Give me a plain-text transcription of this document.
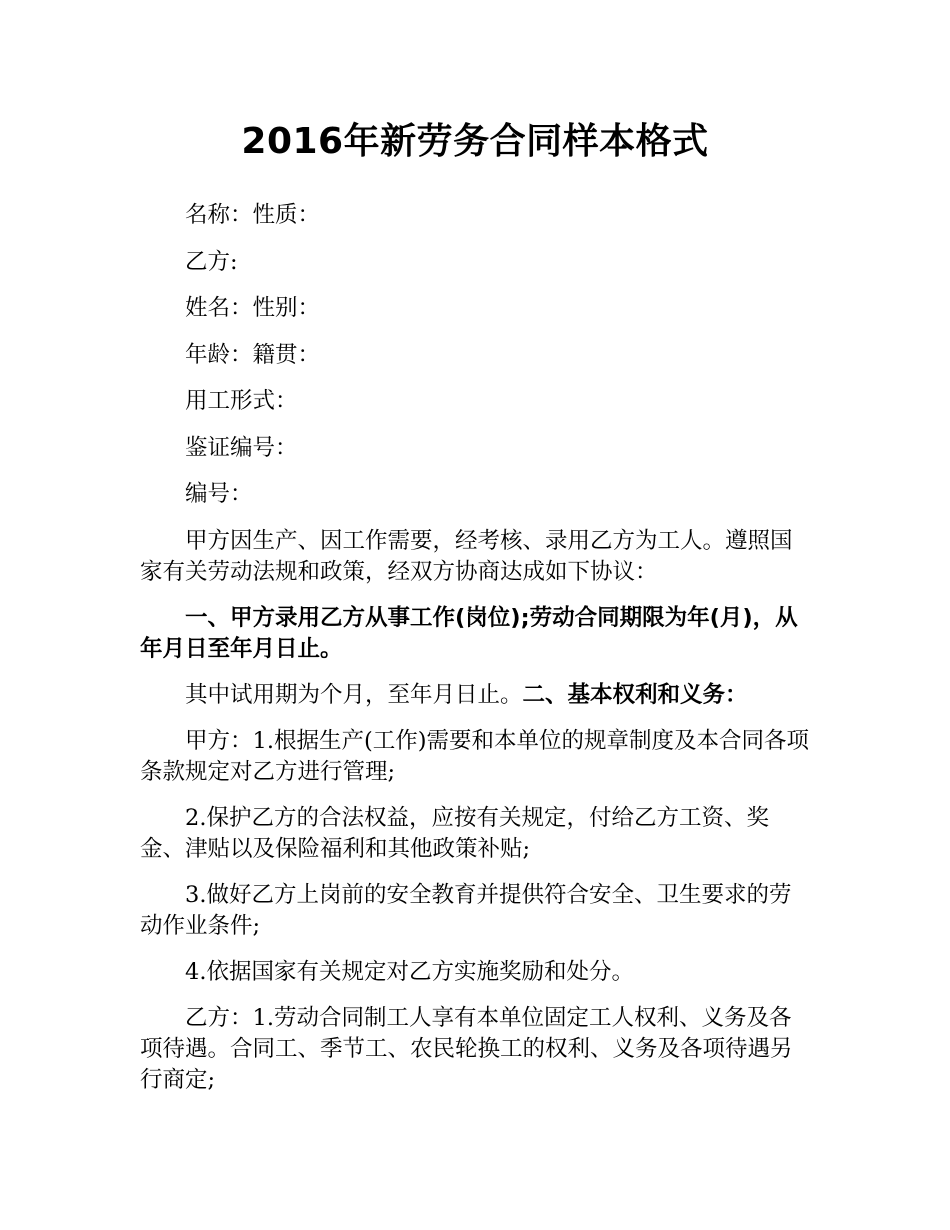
2016年新劳务合同样本格式

名称：性质：

乙方:

姓名：性别：

年龄：籍贯：

用工形式：

鉴证编号：

编号：

甲方因生产、因工作需要，经考核、录用乙方为工人。遵照国家有关劳动法规和政策，经双方协商达成如下协议：

一、甲方录用乙方从事工作(岗位);劳动合同期限为年(月)，从年月日至年月日止。

其中试用期为个月，至年月日止。二、基本权利和义务：

甲方：1.根据生产(工作)需要和本单位的规章制度及本合同各项条款规定对乙方进行管理;

2.保护乙方的合法权益，应按有关规定，付给乙方工资、奖金、津贴以及保险福利和其他政策补贴;

3.做好乙方上岗前的安全教育并提供符合安全、卫生要求的劳动作业条件;

4.依据国家有关规定对乙方实施奖励和处分。

乙方：1.劳动合同制工人享有本单位固定工人权利、义务及各项待遇。合同工、季节工、农民轮换工的权利、义务及各项待遇另行商定;
